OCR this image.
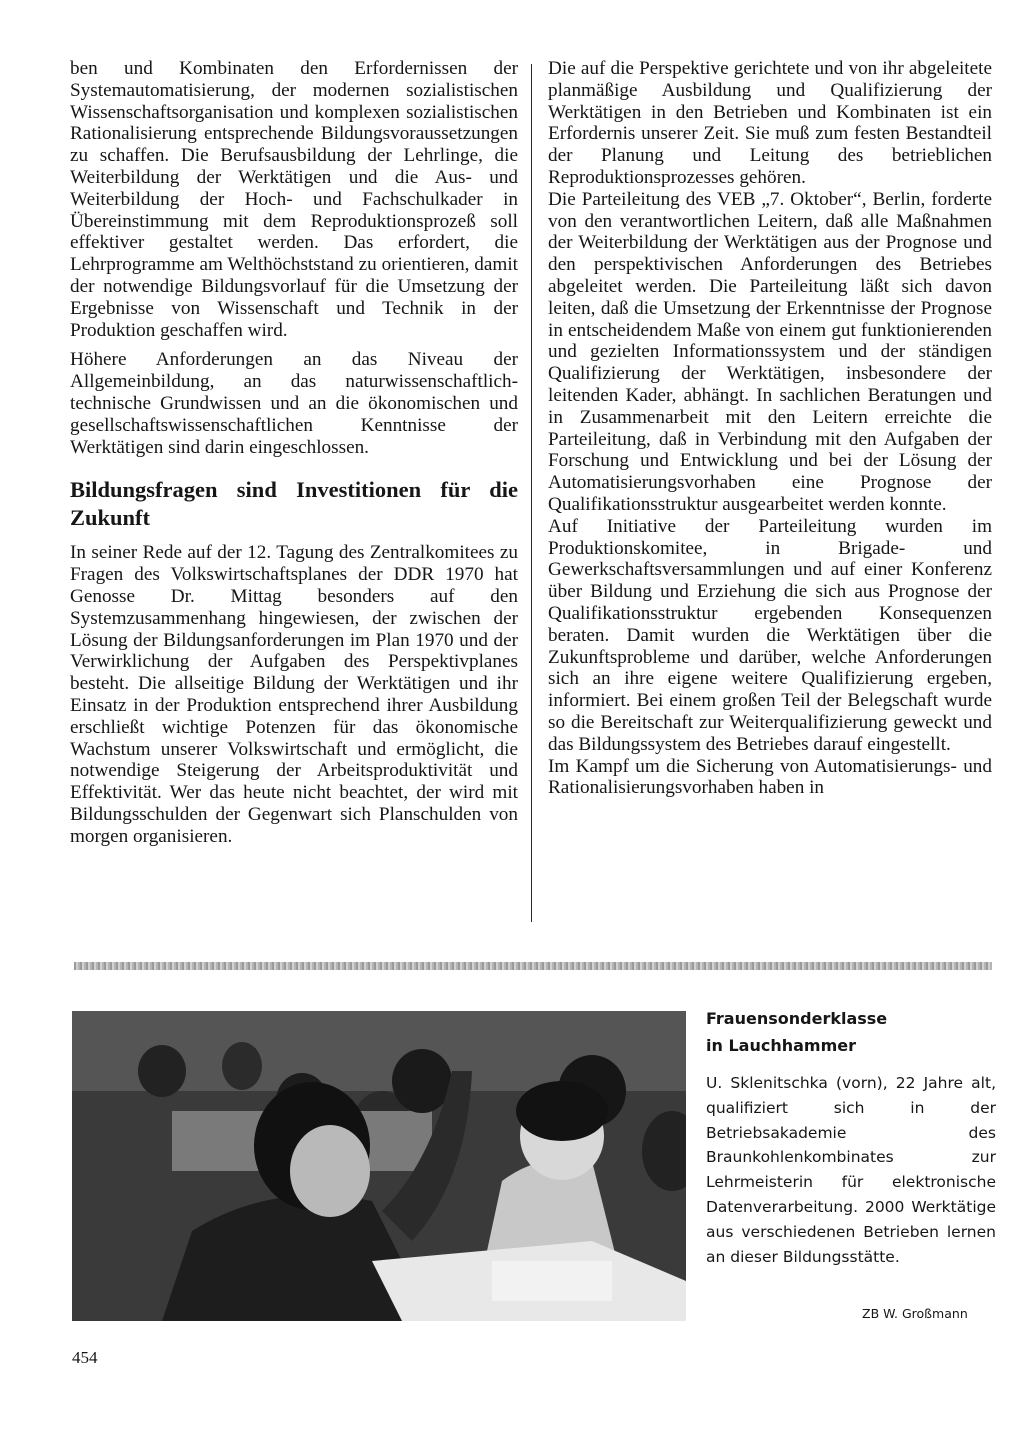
ben und Kombinaten den Erfordernissen der Systemautomatisierung, der modernen sozialistischen Wissenschaftsorganisation und komplexen sozialistischen Rationalisierung entsprechende Bildungsvoraussetzungen zu schaffen. Die Berufsausbildung der Lehrlinge, die Weiterbildung der Werktätigen und die Aus- und Weiterbildung der Hoch- und Fachschulkader in Übereinstimmung mit dem Reproduktionsprozeß soll effektiver gestaltet werden. Das erfordert, die Lehrprogramme am Welthöchststand zu orientieren, damit der notwendige Bildungsvorlauf für die Umsetzung der Ergebnisse von Wissenschaft und Technik in der Produktion geschaffen wird.

Höhere Anforderungen an das Niveau der Allgemeinbildung, an das naturwissenschaftlich-technische Grundwissen und an die ökonomischen und gesellschaftswissenschaftlichen Kenntnisse der Werktätigen sind darin eingeschlossen.

Bildungsfragen sind Investitionen für die Zukunft

In seiner Rede auf der 12. Tagung des Zentralkomitees zu Fragen des Volkswirtschaftsplanes der DDR 1970 hat Genosse Dr. Mittag besonders auf den Systemzusammenhang hingewiesen, der zwischen der Lösung der Bildungsanforderungen im Plan 1970 und der Verwirklichung der Aufgaben des Perspektivplanes besteht. Die allseitige Bildung der Werktätigen und ihr Einsatz in der Produktion entsprechend ihrer Ausbildung erschließt wichtige Potenzen für das ökonomische Wachstum unserer Volkswirtschaft und ermöglicht, die notwendige Steigerung der Arbeitsproduktivität und Effektivität. Wer das heute nicht beachtet, der wird mit Bildungsschulden der Gegenwart sich Planschulden von morgen organisieren.

Die auf die Perspektive gerichtete und von ihr abgeleitete planmäßige Ausbildung und Qualifizierung der Werktätigen in den Betrieben und Kombinaten ist ein Erfordernis unserer Zeit. Sie muß zum festen Bestandteil der Planung und Leitung des betrieblichen Reproduktionsprozesses gehören.

Die Parteileitung des VEB „7. Oktober“, Berlin, forderte von den verantwortlichen Leitern, daß alle Maßnahmen der Weiterbildung der Werktätigen aus der Prognose und den perspektivischen Anforderungen des Betriebes abgeleitet werden. Die Parteileitung läßt sich davon leiten, daß die Umsetzung der Erkenntnisse der Prognose in entscheidendem Maße von einem gut funktionierenden und gezielten Informationssystem und der ständigen Qualifizierung der Werktätigen, insbesondere der leitenden Kader, abhängt. In sachlichen Beratungen und in Zusammenarbeit mit den Leitern erreichte die Parteileitung, daß in Verbindung mit den Aufgaben der Forschung und Entwicklung und bei der Lösung der Automatisierungsvorhaben eine Prognose der Qualifikationsstruktur ausgearbeitet werden konnte.

Auf Initiative der Parteileitung wurden im Produktionskomitee, in Brigade- und Gewerkschaftsversammlungen und auf einer Konferenz über Bildung und Erziehung die sich aus Prognose der Qualifikationsstruktur ergebenden Konsequenzen beraten. Damit wurden die Werktätigen über die Zukunftsprobleme und darüber, welche Anforderungen sich an ihre eigene weitere Qualifizierung ergeben, informiert. Bei einem großen Teil der Belegschaft wurde so die Bereitschaft zur Weiterqualifizierung geweckt und das Bildungssystem des Betriebes darauf eingestellt.

Im Kampf um die Sicherung von Automatisierungs- und Rationalisierungsvorhaben haben in

Frauensonderklasse
in Lauchhammer

U. Sklenitschka (vorn), 22 Jahre alt, qualifiziert sich in der Betriebsakademie des Braunkohlenkombinates zur Lehrmeisterin für elektronische Datenverarbeitung. 2000 Werktätige aus verschiedenen Betrieben lernen an dieser Bildungsstätte.

ZB W. Großmann
454
